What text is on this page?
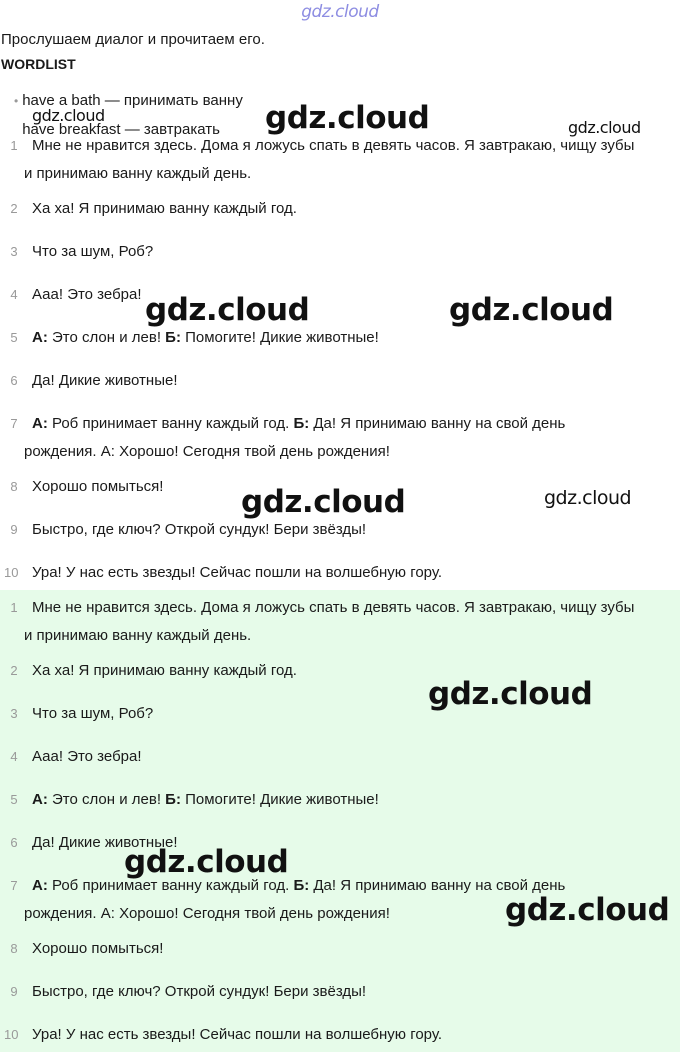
gdz.cloud
Прослушаем диалог и прочитаем его.
WORDLIST
• have a bath — принимать ванну
have breakfast — завтракать
1 Мне не нравится здесь. Дома я ложусь спать в девять часов. Я завтракаю, чищу зубы
и принимаю ванну каждый день.
2 Ха ха! Я принимаю ванну каждый год.
3 Что за шум, Роб?
4 Ааа! Это зебра!
5 А: Это слон и лев! Б: Помогите! Дикие животные!
6 Да! Дикие животные!
7 А: Роб принимает ванну каждый год. Б: Да! Я принимаю ванну на свой день
рождения. А: Хорошо! Сегодня твой день рождения!
8 Хорошо помыться!
9 Быстро, где ключ? Открой сундук! Бери звёзды!
10 Ура! У нас есть звезды! Сейчас пошли на волшебную гору.
1 Мне не нравится здесь. Дома я ложусь спать в девять часов. Я завтракаю, чищу зубы
и принимаю ванну каждый день.
2 Ха ха! Я принимаю ванну каждый год.
3 Что за шум, Роб?
4 Ааа! Это зебра!
5 А: Это слон и лев! Б: Помогите! Дикие животные!
6 Да! Дикие животные!
7 А: Роб принимает ванну каждый год. Б: Да! Я принимаю ванну на свой день
рождения. А: Хорошо! Сегодня твой день рождения!
8 Хорошо помыться!
9 Быстро, где ключ? Открой сундук! Бери звёзды!
10 Ура! У нас есть звезды! Сейчас пошли на волшебную гору.
gdz.cloud	gdz.cloud	gdz.cloud
gdz.cloud	gdz.cloud
gdz.cloud	gdz.cloud
gdz.cloud
gdz.cloud
gdz.cloud
